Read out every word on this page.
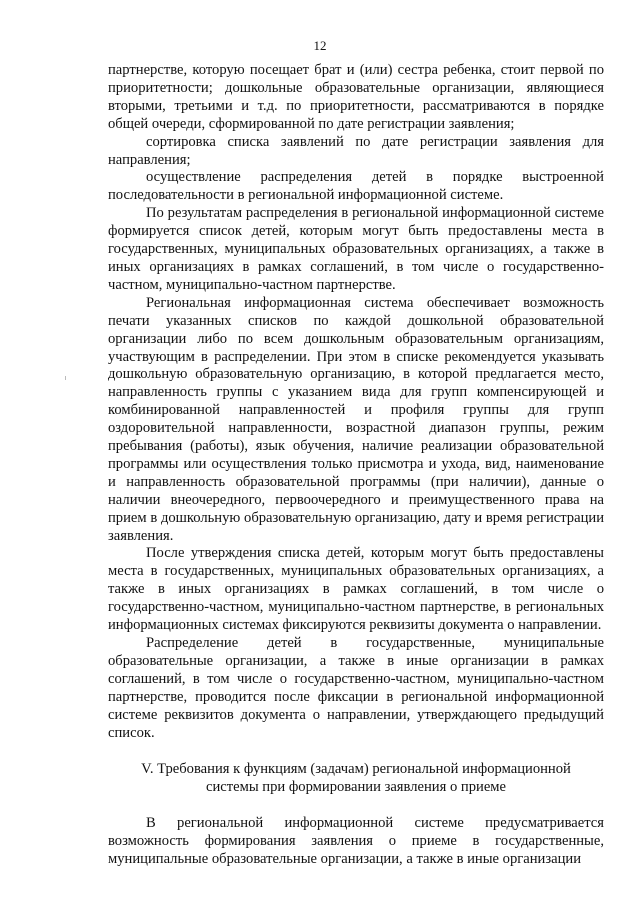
12

партнерстве, которую посещает брат и (или) сестра ребенка, стоит первой по приоритетности; дошкольные образовательные организации, являющиеся вторыми, третьими и т.д. по приоритетности, рассматриваются в порядке общей очереди, сформированной по дате регистрации заявления;

сортировка списка заявлений по дате регистрации заявления для направления;

осуществление распределения детей в порядке выстроенной последовательности в региональной информационной системе.

По результатам распределения в региональной информационной системе формируется список детей, которым могут быть предоставлены места в государственных, муниципальных образовательных организациях, а также в иных организациях в рамках соглашений, в том числе о государственно-частном, муниципально-частном партнерстве.

Региональная информационная система обеспечивает возможность печати указанных списков по каждой дошкольной образовательной организации либо по всем дошкольным образовательным организациям, участвующим в распределении. При этом в списке рекомендуется указывать дошкольную образовательную организацию, в которой предлагается место, направленность группы с указанием вида для групп компенсирующей и комбинированной направленностей и профиля группы для групп оздоровительной направленности, возрастной диапазон группы, режим пребывания (работы), язык обучения, наличие реализации образовательной программы или осуществления только присмотра и ухода, вид, наименование и направленность образовательной программы (при наличии), данные о наличии внеочередного, первоочередного и преимущественного права на прием в дошкольную образовательную организацию, дату и время регистрации заявления.

После утверждения списка детей, которым могут быть предоставлены места в государственных, муниципальных образовательных организациях, а также в иных организациях в рамках соглашений, в том числе о государственно-частном, муниципально-частном партнерстве, в региональных информационных системах фиксируются реквизиты документа о направлении.

Распределение детей в государственные, муниципальные образовательные организации, а также в иные организации в рамках соглашений, в том числе о государственно-частном, муниципально-частном партнерстве, проводится после фиксации в региональной информационной системе реквизитов документа о направлении, утверждающего предыдущий список.

V. Требования к функциям (задачам) региональной информационной
системы при формировании заявления о приеме

В региональной информационной системе предусматривается возможность формирования заявления о приеме в государственные, муниципальные образовательные организации, а также в иные организации
